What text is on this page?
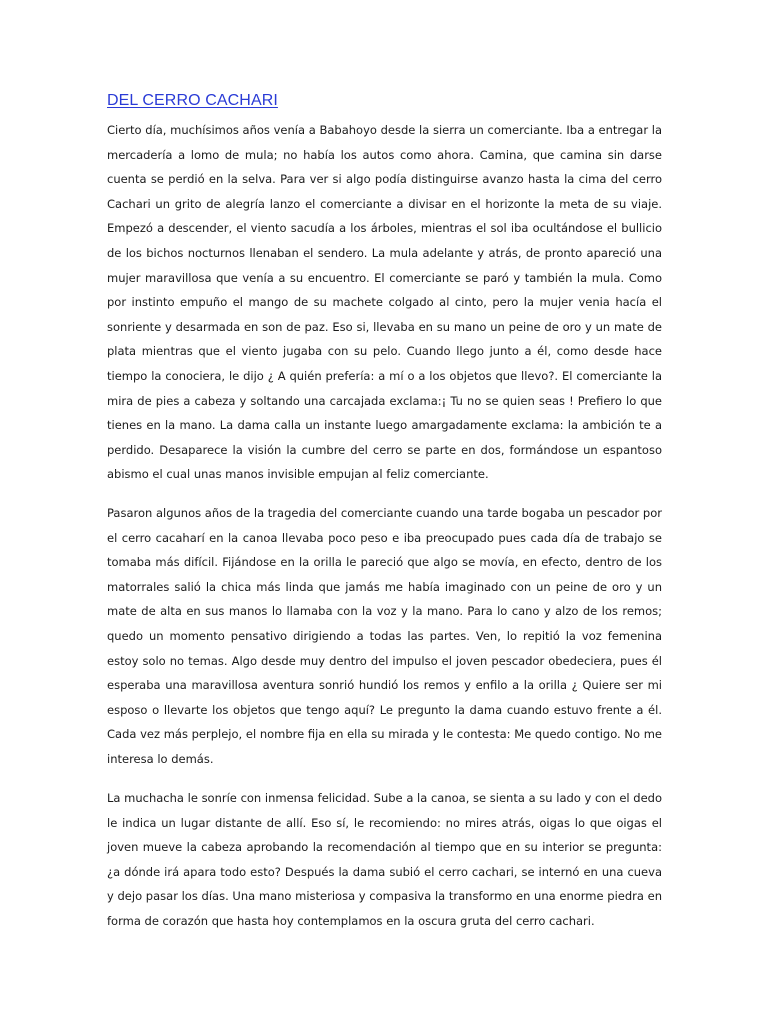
DEL CERRO CACHARI

Cierto día, muchísimos años venía a Babahoyo desde la sierra un comerciante. Iba a entregar la mercadería a lomo de mula; no había los autos como ahora. Camina, que camina sin darse cuenta se perdió en la selva. Para ver si algo podía distinguirse avanzo hasta la cima del cerro Cachari un grito de alegría lanzo el comerciante a divisar en el horizonte la meta de su viaje. Empezó a descender, el viento sacudía a los árboles, mientras el sol iba ocultándose el bullicio de los bichos nocturnos llenaban el sendero. La mula adelante y atrás, de pronto apareció una mujer maravillosa que venía a su encuentro. El comerciante se paró y también la mula. Como por instinto empuño el mango de su machete colgado al cinto, pero la mujer venia hacía el sonriente y desarmada en son de paz. Eso si, llevaba en su mano un peine de oro y un mate de plata mientras que el viento jugaba con su pelo. Cuando llego junto a él, como desde hace tiempo la conociera, le dijo ¿ A quién prefería: a mí o a los objetos que llevo?. El comerciante la mira de pies a cabeza y soltando una carcajada exclama:¡ Tu no se quien seas ! Prefiero lo que tienes en la mano. La dama calla un instante luego amargadamente exclama: la ambición te a perdido. Desaparece la visión la cumbre del cerro se parte en dos, formándose un espantoso abismo el cual unas manos invisible empujan al feliz comerciante.

Pasaron algunos años de la tragedia del comerciante cuando una tarde bogaba un pescador por el cerro cacaharí en la canoa llevaba poco peso e iba preocupado pues cada día de trabajo se tomaba más difícil. Fijándose en la orilla le pareció que algo se movía, en efecto, dentro de los matorrales salió la chica más linda que jamás me había imaginado con un peine de oro y un mate de alta en sus manos lo llamaba con la voz y la mano. Para lo cano y alzo de los remos; quedo un momento pensativo dirigiendo a todas las partes. Ven, lo repitió la voz femenina estoy solo no temas. Algo desde muy dentro del impulso el joven pescador obedeciera, pues él esperaba una maravillosa aventura sonrió hundió los remos y enfilo a la orilla ¿ Quiere ser mi esposo o llevarte los objetos que tengo aquí? Le pregunto la dama cuando estuvo frente a él. Cada vez más perplejo, el nombre fija en ella su mirada y le contesta: Me quedo contigo. No me interesa lo demás.

La muchacha le sonríe con inmensa felicidad. Sube a la canoa, se sienta a su lado y con el dedo le indica un lugar distante de allí. Eso sí, le recomiendo: no mires atrás, oigas lo que oigas el joven mueve la cabeza aprobando la recomendación al tiempo que en su interior se pregunta: ¿a dónde irá apara todo esto? Después la dama subió el cerro cachari, se internó en una cueva y dejo pasar los días. Una mano misteriosa y compasiva la transformo en una enorme piedra en forma de corazón que hasta hoy contemplamos en la oscura gruta del cerro cachari.
